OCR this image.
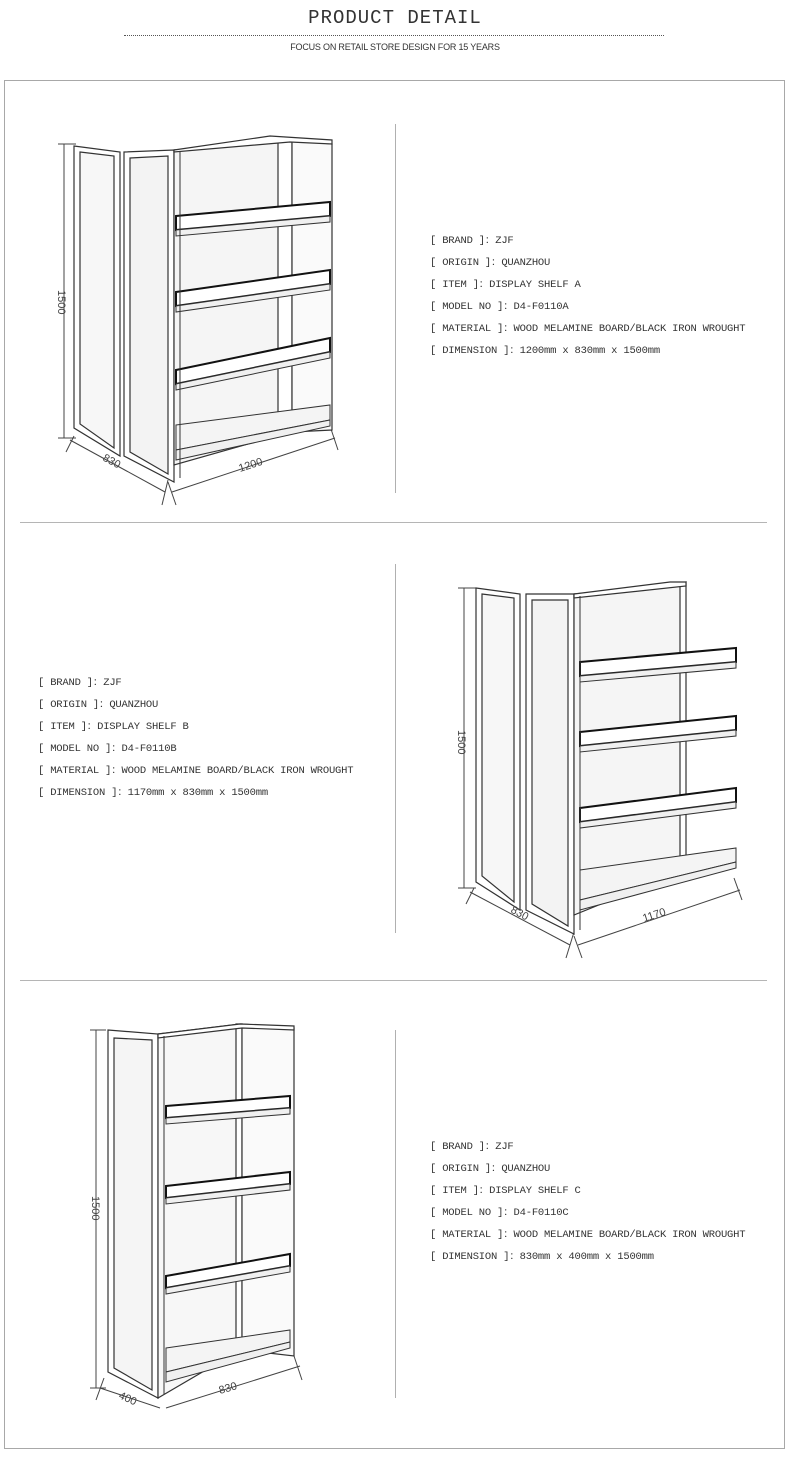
PRODUCT DETAIL
FOCUS ON RETAIL STORE DESIGN FOR 15 YEARS
1500
830	1200
[ BRAND ]：ZJF
[ ORIGIN ]：QUANZHOU
[ ITEM ]：DISPLAY SHELF A
[ MODEL NO ]：D4-F0110A
[ MATERIAL ]：WOOD MELAMINE BOARD/BLACK IRON WROUGHT
[ DIMENSION ]：1200mm x 830mm x 1500mm
[ BRAND ]：ZJF
[ ORIGIN ]：QUANZHOU
[ ITEM ]：DISPLAY SHELF B
[ MODEL NO ]：D4-F0110B
[ MATERIAL ]：WOOD MELAMINE BOARD/BLACK IRON WROUGHT
[ DIMENSION ]：1170mm x 830mm x 1500mm
1500
830	1170
1500
400
830
[ BRAND ]：ZJF
[ ORIGIN ]：QUANZHOU
[ ITEM ]：DISPLAY SHELF C
[ MODEL NO ]：D4-F0110C
[ MATERIAL ]：WOOD MELAMINE BOARD/BLACK IRON WROUGHT
[ DIMENSION ]：830mm x 400mm x 1500mm
